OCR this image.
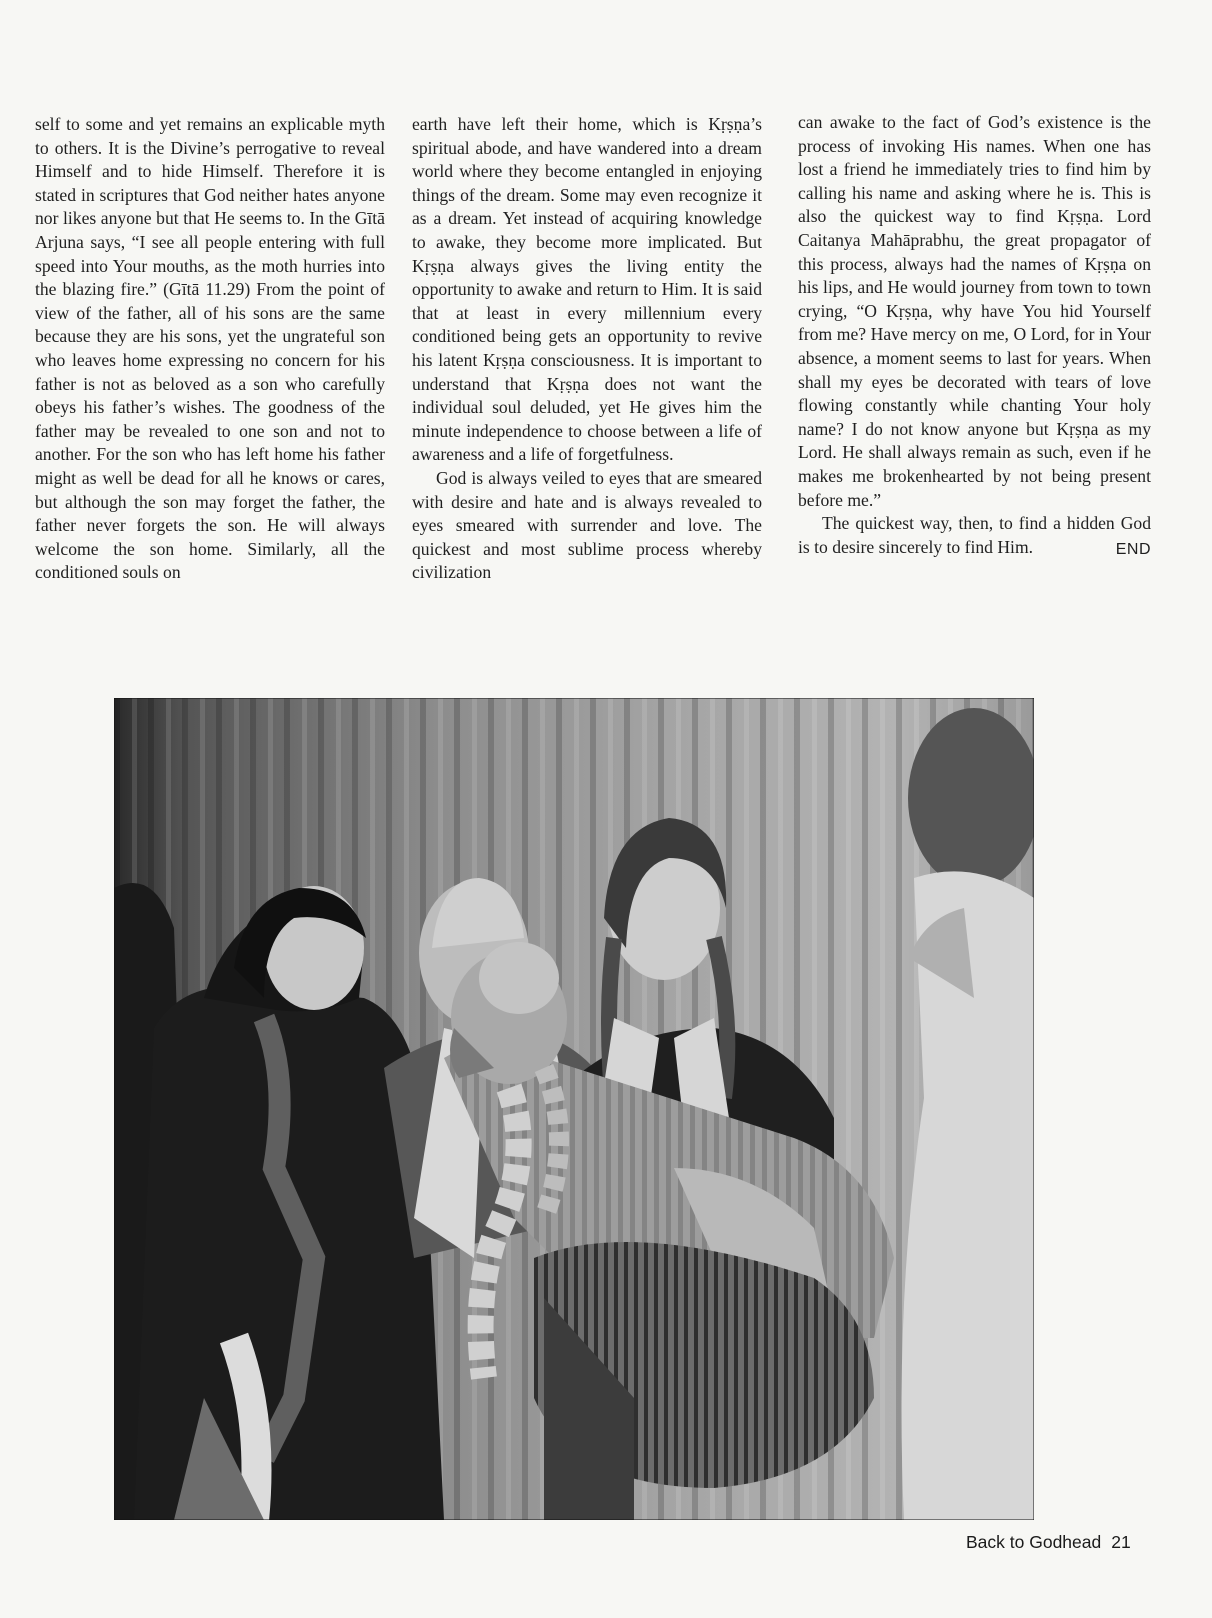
self to some and yet remains an explicable myth to others. It is the Divine’s perrogative to reveal Himself and to hide Himself. Therefore it is stated in scriptures that God neither hates anyone nor likes anyone but that He seems to. In the Gītā Arjuna says, “I see all people entering with full speed into Your mouths, as the moth hurries into the blazing fire.” (Gītā 11.29) From the point of view of the father, all of his sons are the same because they are his sons, yet the ungrateful son who leaves home expressing no concern for his father is not as beloved as a son who carefully obeys his father’s wishes. The goodness of the father may be revealed to one son and not to another. For the son who has left home his father might as well be dead for all he knows or cares, but although the son may forget the father, the father never forgets the son. He will always welcome the son home. Similarly, all the conditioned souls on

earth have left their home, which is Kṛṣṇa’s spiritual abode, and have wandered into a dream world where they become entangled in enjoying things of the dream. Some may even recognize it as a dream. Yet instead of acquiring knowledge to awake, they become more implicated. But Kṛṣṇa always gives the living entity the opportunity to awake and return to Him. It is said that at least in every millennium every conditioned being gets an opportunity to revive his latent Kṛṣṇa consciousness. It is important to understand that Kṛṣṇa does not want the individual soul deluded, yet He gives him the minute independence to choose between a life of awareness and a life of forgetfulness.

God is always veiled to eyes that are smeared with desire and hate and is always revealed to eyes smeared with surrender and love. The quickest and most sublime process whereby civilization

can awake to the fact of God’s existence is the process of invoking His names. When one has lost a friend he immediately tries to find him by calling his name and asking where he is. This is also the quickest way to find Kṛṣṇa. Lord Caitanya Mahāprabhu, the great propagator of this process, always had the names of Kṛṣṇa on his lips, and He would journey from town to town crying, “O Kṛṣṇa, why have You hid Yourself from me? Have mercy on me, O Lord, for in Your absence, a moment seems to last for years. When shall my eyes be decorated with tears of love flowing constantly while chanting Your holy name? I do not know anyone but Kṛṣṇa as my Lord. He shall always remain as such, even if he makes me brokenhearted by not being present before me.”

The quickest way, then, to find a hidden God is to desire sincerely to find Him.	END

Back to Godhead 21
